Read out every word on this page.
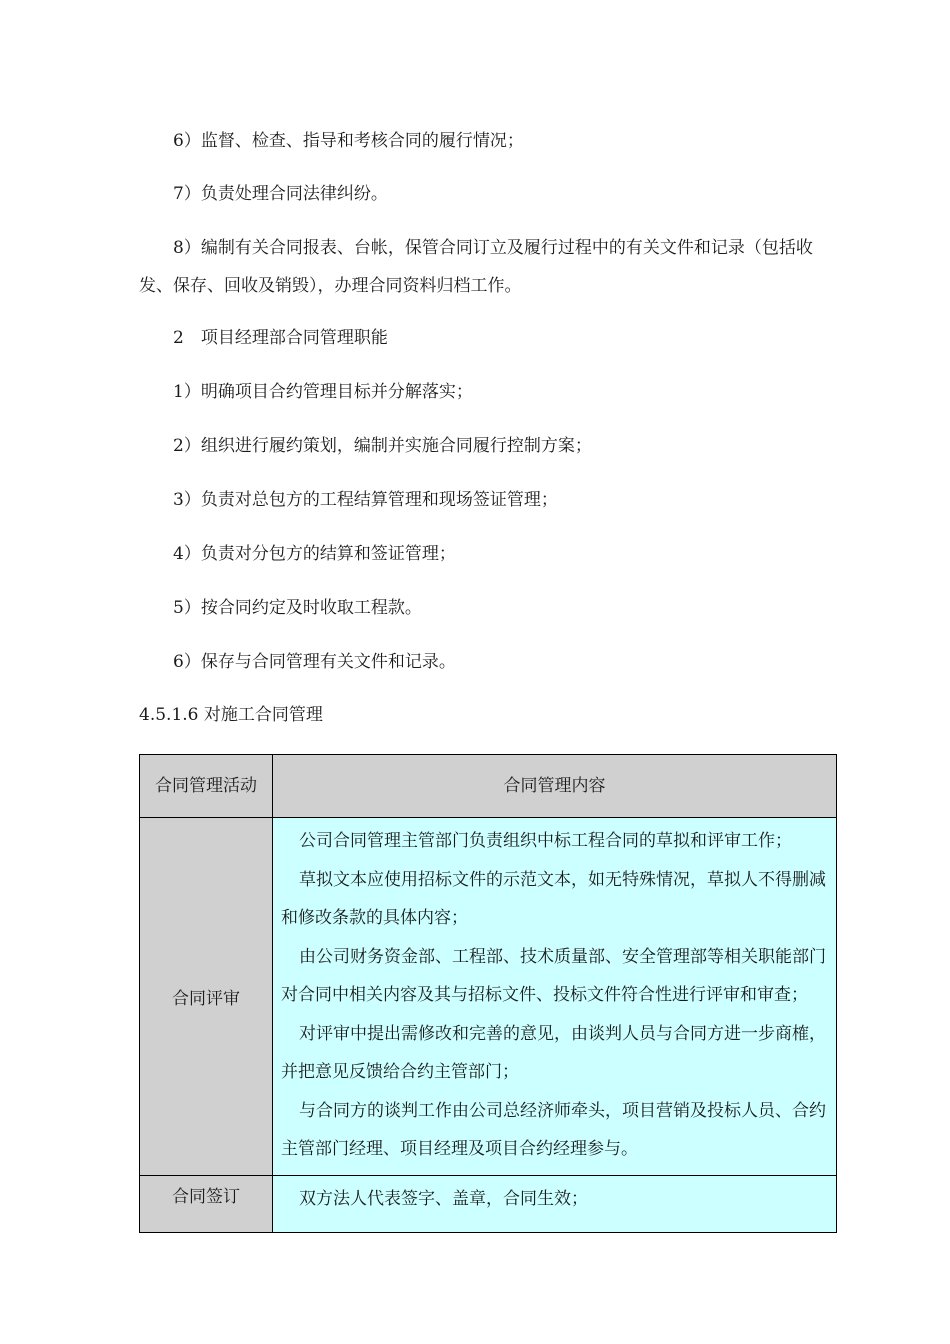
6）监督、检查、指导和考核合同的履行情况；

7）负责处理合同法律纠纷。

8）编制有关合同报表、台帐，保管合同订立及履行过程中的有关文件和记录（包括收发、保存、回收及销毁），办理合同资料归档工作。

2　项目经理部合同管理职能

1）明确项目合约管理目标并分解落实；

2）组织进行履约策划，编制并实施合同履行控制方案；

3）负责对总包方的工程结算管理和现场签证管理；

4）负责对分包方的结算和签证管理；

5）按合同约定及时收取工程款。

6）保存与合同管理有关文件和记录。

4.5.1.6 对施工合同管理
合同管理活动	合同管理内容
合同评审	公司合同管理主管部门负责组织中标工程合同的草拟和评审工作；

草拟文本应使用招标文件的示范文本，如无特殊情况，草拟人不得删减和修改条款的具体内容；

由公司财务资金部、工程部、技术质量部、安全管理部等相关职能部门对合同中相关内容及其与招标文件、投标文件符合性进行评审和审查；

对评审中提出需修改和完善的意见，由谈判人员与合同方进一步商榷，并把意见反馈给合约主管部门；

与合同方的谈判工作由公司总经济师牵头，项目营销及投标人员、合约主管部门经理、项目经理及项目合约经理参与。

合同签订	双方法人代表签字、盖章，合同生效；
